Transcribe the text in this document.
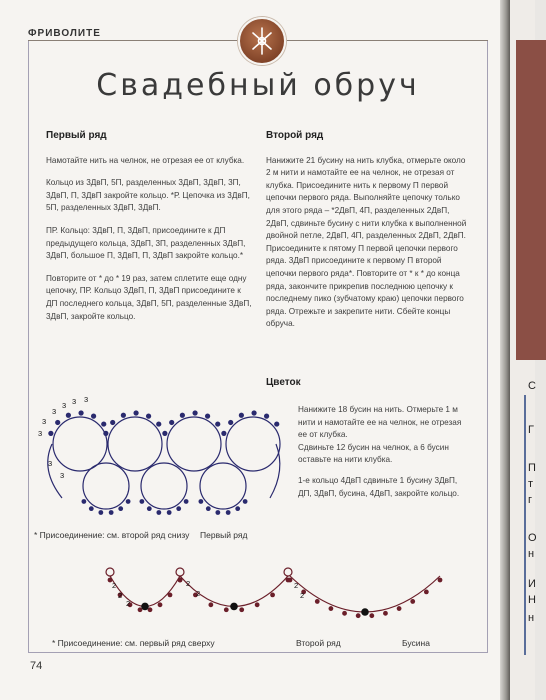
ФРИВОЛИТЕ
Свадебный обруч
Первый ряд

Намотайте нить на челнок, не отрезая ее от клубка.

Кольцо из 3ДвП, 5П, разделенных 3ДвП, 3ДвП, 3П, 3ДвП, П, 3ДвП закройте кольцо. *Р. Цепочка из 3ДвП, 5П, разделенных 3ДвП, 3ДвП.

ПР. Кольцо: 3ДвП, П, 3ДвП, присоедините к ДП предыдущего кольца, 3ДвП, 3П, разделенных 3ДвП, 3ДвП, большое П, 3ДвП, П, 3ДвП закройте кольцо.*

Повторите от * до * 19 раз, затем сплетите еще одну цепочку, ПР. Кольцо 3ДвП, П, 3ДвП присоедините к ДП последнего кольца, 3ДвП, 5П, разделенные 3ДвП, 3ДвП, закройте кольцо.

Второй ряд

Нанижите 21 бусину на нить клубка, отмерьте около 2 м нити и намотайте ее на челнок, не отрезая от клубка. Присоедините нить к первому П первой цепочки первого ряда. Выполняйте цепочку только для этого ряда – *2ДвП, 4П, разделенных 2ДвП, 2ДвП, сдвиньте бусину с нити клубка к выполненной двойной петле, 2ДвП, 4П, разделенных 2ДвП, 2ДвП. Присоедините к пятому П первой цепочки первого ряда. 3ДвП присоедините к первому П второй цепочки первого ряда*. Повторите от * к * до конца ряда, закончите прикрепив последнюю цепочку к последнему пико (зубчатому краю) цепочки первого ряда. Отрежьте и закрепите нити. Сбейте концы обруча.

Цветок

Нанижите 18 бусин на нить. Отмерьте 1 м нити и намотайте ее на челнок, не отрезая ее от клубка.

Сдвиньте 12 бусин на челнок, а 6 бусин оставьте на нити клубка.

1-е кольцо 4ДвП сдвиньте 1 бусину 3ДвП, ДП, 3ДвП, бусина, 4ДвП, закройте кольцо.

3
3 3 3
3
3
3
3
2
2
2
2
2
2
2
* Присоединение: см. второй ряд снизу Первый ряд
* Присоединение: см. первый ряд сверху	Второй ряд	Бусина
74
С
Г
П
т
г
О
н
И
Н
н
